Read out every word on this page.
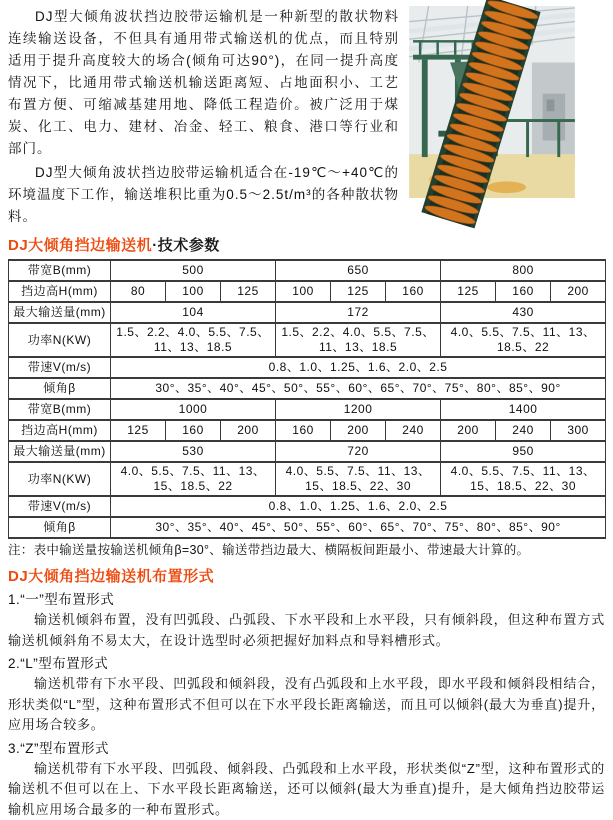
DJ型大倾角波状挡边胶带运输机是一种新型的散状物料连续输送设备，不但具有通用带式输送机的优点，而且特别适用于提升高度较大的场合(倾角可达90°)，在同一提升高度情况下，比通用带式输送机输送距离短、占地面积小、工艺布置方便、可缩减基建用地、降低工程造价。被广泛用于煤炭、化工、电力、建材、冶金、轻工、粮食、港口等行业和部门。

DJ型大倾角波状挡边胶带运输机适合在-19℃～+40℃的环境温度下工作，输送堆积比重为0.5～2.5t/m³的各种散状物料。

DJ大倾角挡边输送机·技术参数
带宽B(mm)	500			650			800		
挡边高H(mm)	80	100	125	100	125	160	125	160	200
最大输送量(mm)	104			172			430		
功率N(KW)	1.5、2.2、4.0、5.5、7.5、11、13、18.5			1.5、2.2、4.0、5.5、7.5、11、13、18.5			4.0、5.5、7.5、11、13、18.5、22		
带速V(m/s)	0.8、1.0、1.25、1.6、2.0、2.5								
倾角β	30°、35°、40°、45°、50°、55°、60°、65°、70°、75°、80°、85°、90°								
带宽B(mm)	1000			1200			1400		
挡边高H(mm)	125	160	200	160	200	240	200	240	300
最大输送量(mm)	530			720			950		
功率N(KW)	4.0、5.5、7.5、11、13、15、18.5、22			4.0、5.5、7.5、11、13、15、18.5、22、30			4.0、5.5、7.5、11、13、15、18.5、22、30		
带速V(m/s)	0.8、1.0、1.25、1.6、2.0、2.5								
倾角β	30°、35°、40°、45°、50°、55°、60°、65°、70°、75°、80°、85°、90°								

注：表中输送量按输送机倾角β=30°、输送带挡边最大、横隔板间距最小、带速最大计算的。

DJ大倾角挡边输送机布置形式

1.“一”型布置形式

输送机倾斜布置，没有凹弧段、凸弧段、下水平段和上水平段，只有倾斜段，但这种布置方式输送机倾斜角不易太大，在设计选型时必须把握好加料点和导料槽形式。

2.“L”型布置形式

输送机带有下水平段、凹弧段和倾斜段，没有凸弧段和上水平段，即水平段和倾斜段相结合，形状类似“L”型，这种布置形式不但可以在下水平段长距离输送，而且可以倾斜(最大为垂直)提升，应用场合较多。

3.“Z”型布置形式

输送机带有下水平段、凹弧段、倾斜段、凸弧段和上水平段，形状类似“Z”型，这种布置形式的输送机不但可以在上、下水平段长距离输送，还可以倾斜(最大为垂直)提升，是大倾角挡边胶带运输机应用场合最多的一种布置形式。
